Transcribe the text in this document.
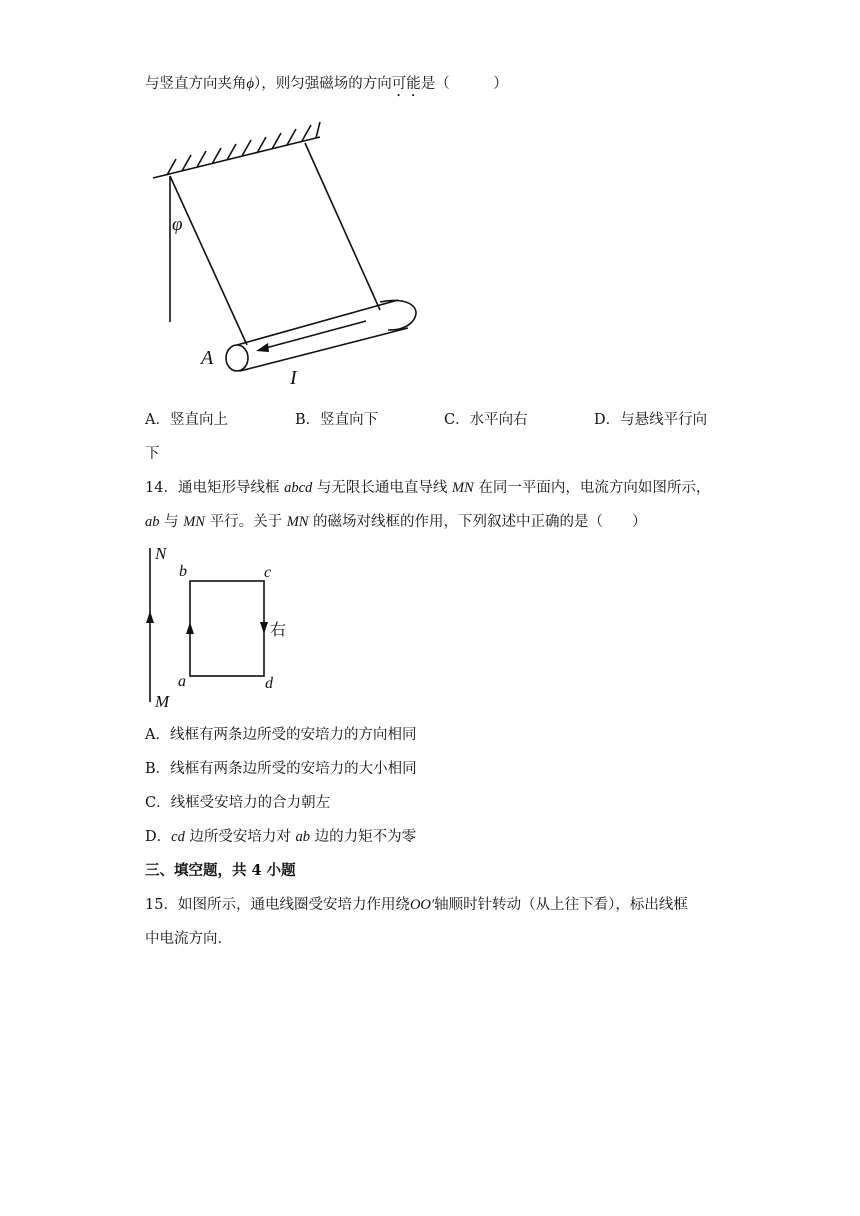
与竖直方向夹角ϕ），则匀强磁场的方向可能是（　　　）
φ
A
I
A．竖直向上	B．竖直向下	C．水平向右	D．与悬线平行向
下
14．通电矩形导线框 abcd 与无限长通电直导线 MN 在同一平面内，电流方向如图所示，
ab 与 MN 平行。关于 MN 的磁场对线框的作用，下列叙述中正确的是（　　）
N
M
b	c
a	d
右
A．线框有两条边所受的安培力的方向相同
B．线框有两条边所受的安培力的大小相同
C．线框受安培力的合力朝左
D．cd 边所受安培力对 ab 边的力矩不为零
三、填空题，共 4 小题
15．如图所示，通电线圈受安培力作用绕OO′轴顺时针转动（从上往下看），标出线框
中电流方向.
